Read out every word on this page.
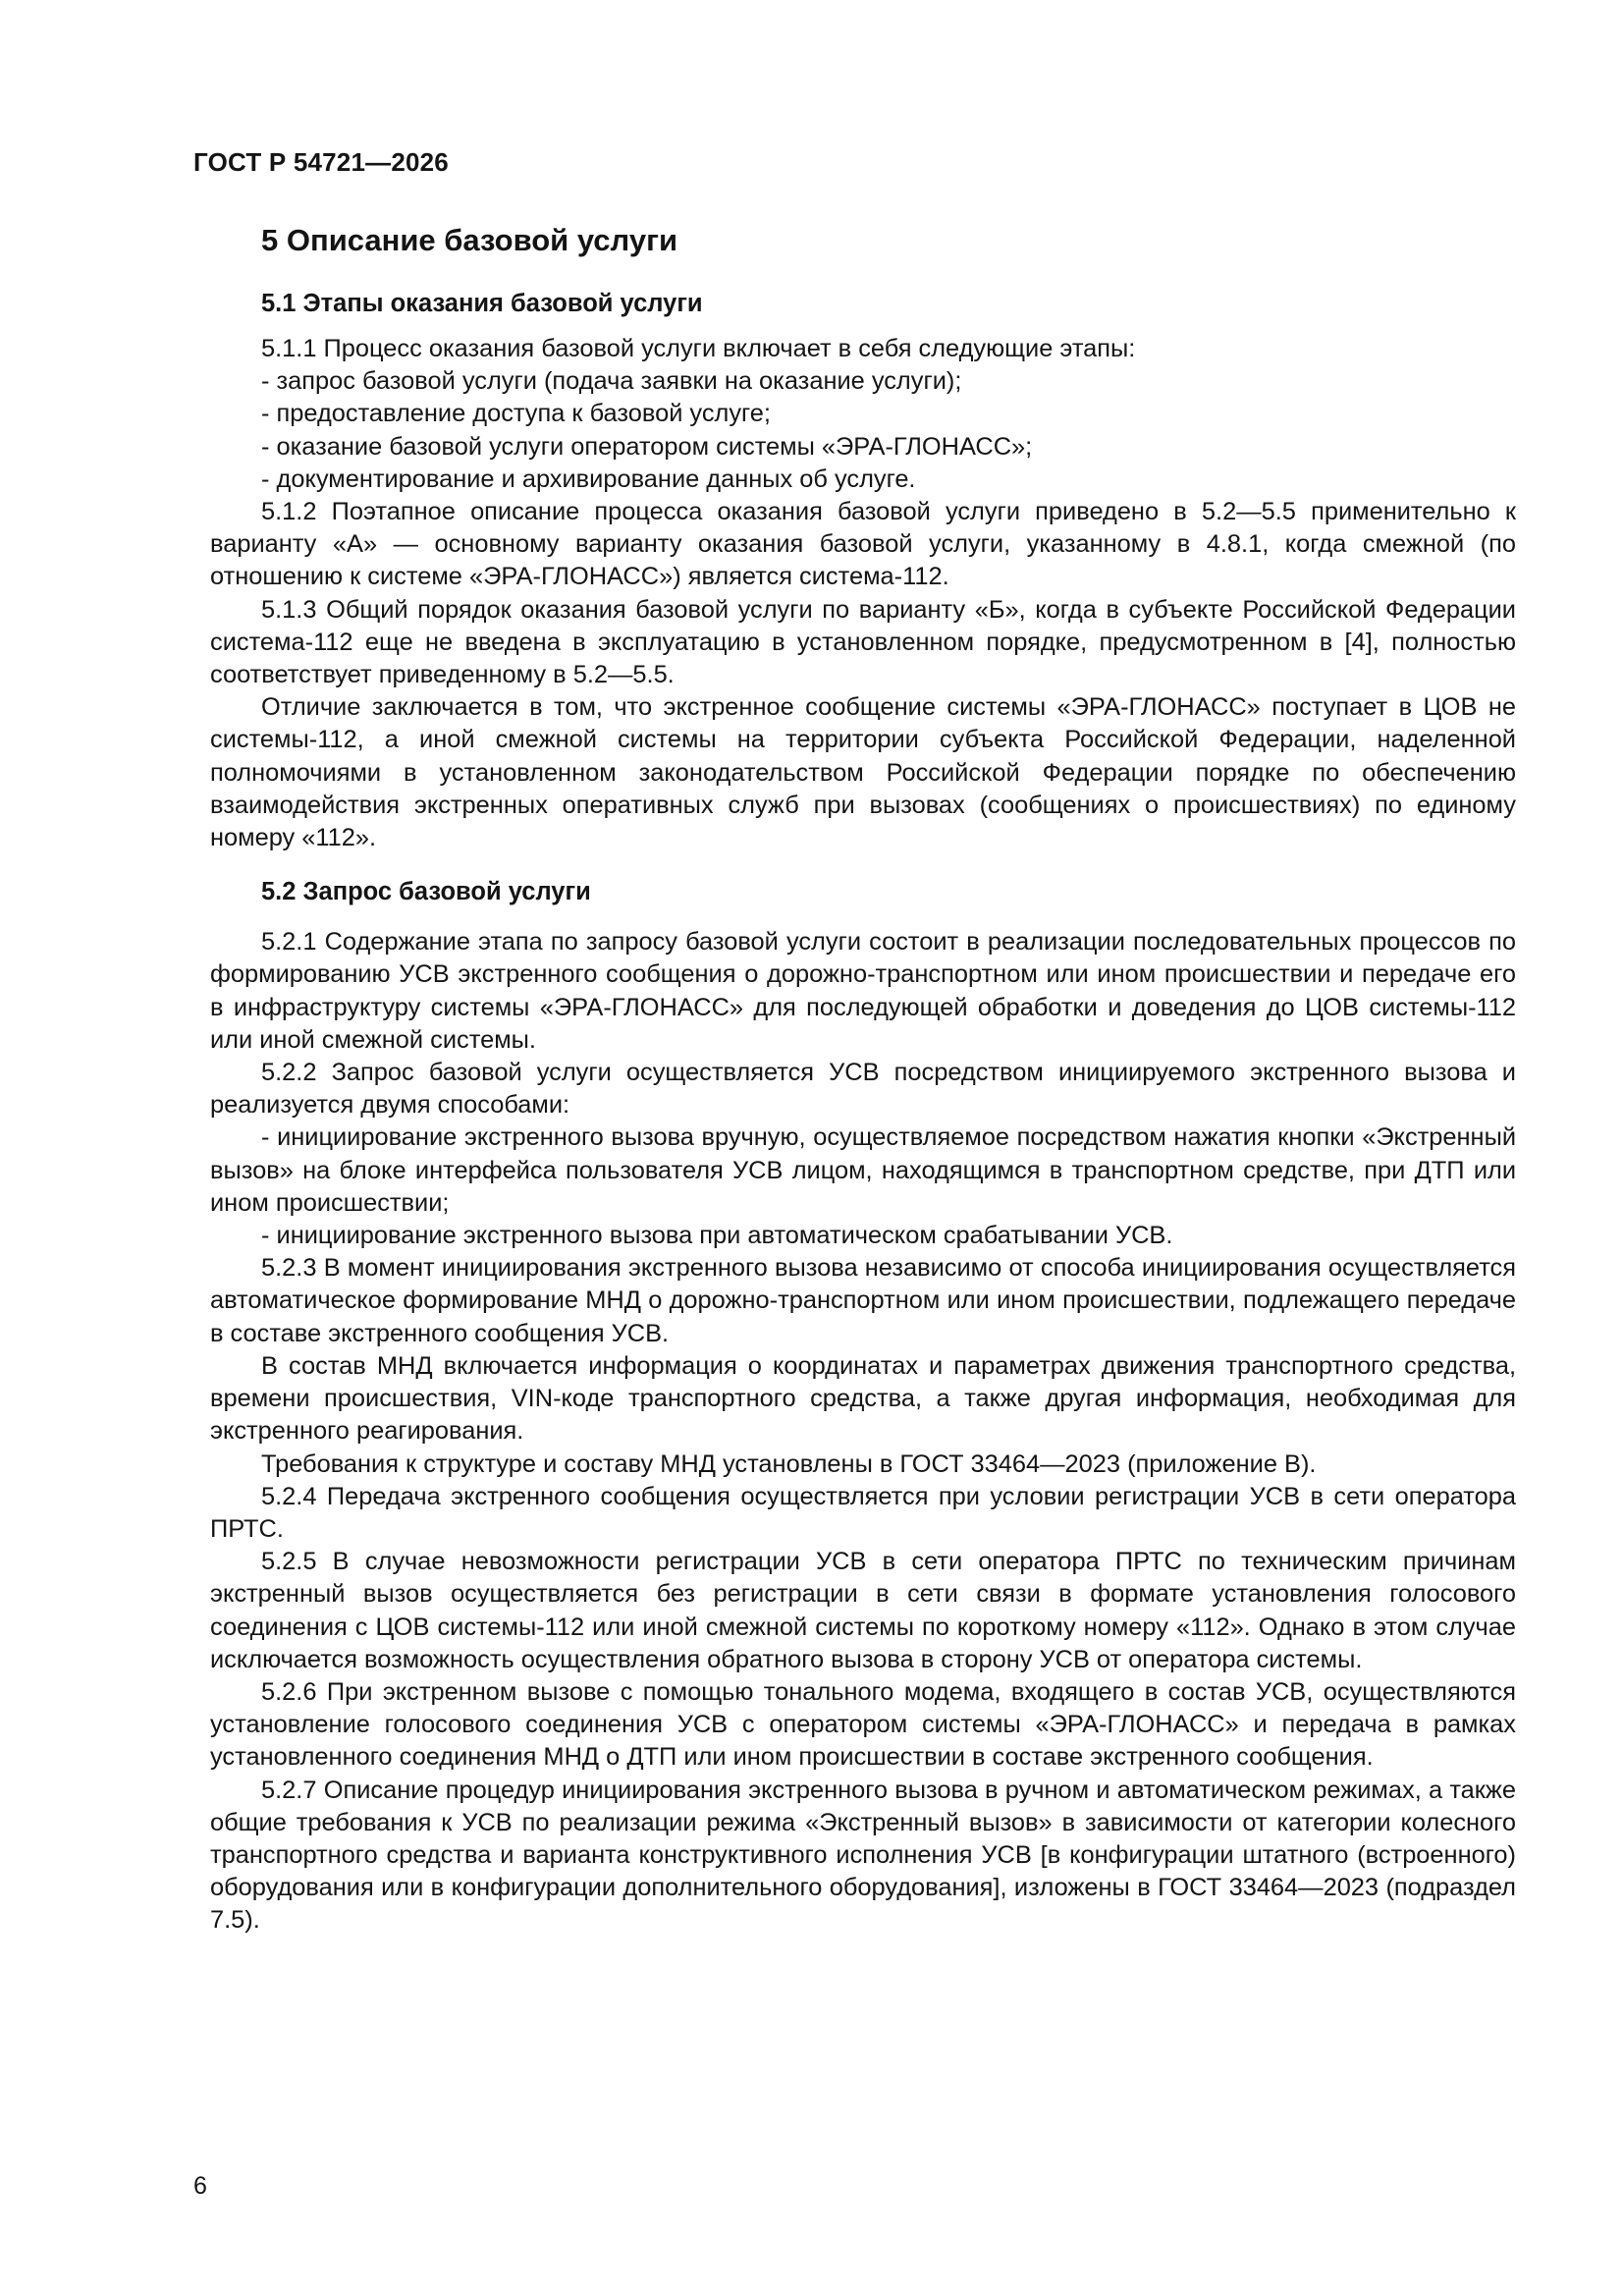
ГОСТ Р 54721—2026
5 Описание базовой услуги
5.1 Этапы оказания базовой услуги

5.1.1 Процесс оказания базовой услуги включает в себя следующие этапы:

- запрос базовой услуги (подача заявки на оказание услуги);

- предоставление доступа к базовой услуге;

- оказание базовой услуги оператором системы «ЭРА-ГЛОНАСС»;

- документирование и архивирование данных об услуге.

5.1.2 Поэтапное описание процесса оказания базовой услуги приведено в 5.2—5.5 применительно к варианту «А» — основному варианту оказания базовой услуги, указанному в 4.8.1, когда смежной (по отношению к системе «ЭРА-ГЛОНАСС») является система-112.

5.1.3 Общий порядок оказания базовой услуги по варианту «Б», когда в субъекте Российской Федерации система-112 еще не введена в эксплуатацию в установленном порядке, предусмотренном в [4], полностью соответствует приведенному в 5.2—5.5.

Отличие заключается в том, что экстренное сообщение системы «ЭРА-ГЛОНАСС» поступает в ЦОВ не системы-112, а иной смежной системы на территории субъекта Российской Федерации, наделенной полномочиями в установленном законодательством Российской Федерации порядке по обеспечению взаимодействия экстренных оперативных служб при вызовах (сообщениях о происшествиях) по единому номеру «112».

5.2 Запрос базовой услуги

5.2.1 Содержание этапа по запросу базовой услуги состоит в реализации последовательных процессов по формированию УСВ экстренного сообщения о дорожно-транспортном или ином происшествии и передаче его в инфраструктуру системы «ЭРА-ГЛОНАСС» для последующей обработки и доведения до ЦОВ системы-112 или иной смежной системы.

5.2.2 Запрос базовой услуги осуществляется УСВ посредством инициируемого экстренного вызова и реализуется двумя способами:

- инициирование экстренного вызова вручную, осуществляемое посредством нажатия кнопки «Экстренный вызов» на блоке интерфейса пользователя УСВ лицом, находящимся в транспортном средстве, при ДТП или ином происшествии;

- инициирование экстренного вызова при автоматическом срабатывании УСВ.

5.2.3 В момент инициирования экстренного вызова независимо от способа инициирования осуществляется автоматическое формирование МНД о дорожно-транспортном или ином происшествии, подлежащего передаче в составе экстренного сообщения УСВ.

В состав МНД включается информация о координатах и параметрах движения транспортного средства, времени происшествия, VIN-коде транспортного средства, а также другая информация, необходимая для экстренного реагирования.

Требования к структуре и составу МНД установлены в ГОСТ 33464—2023 (приложение В).

5.2.4 Передача экстренного сообщения осуществляется при условии регистрации УСВ в сети оператора ПРТС.

5.2.5 В случае невозможности регистрации УСВ в сети оператора ПРТС по техническим причинам экстренный вызов осуществляется без регистрации в сети связи в формате установления голосового соединения с ЦОВ системы-112 или иной смежной системы по короткому номеру «112». Однако в этом случае исключается возможность осуществления обратного вызова в сторону УСВ от оператора системы.

5.2.6 При экстренном вызове с помощью тонального модема, входящего в состав УСВ, осуществляются установление голосового соединения УСВ с оператором системы «ЭРА-ГЛОНАСС» и передача в рамках установленного соединения МНД о ДТП или ином происшествии в составе экстренного сообщения.

5.2.7 Описание процедур инициирования экстренного вызова в ручном и автоматическом режимах, а также общие требования к УСВ по реализации режима «Экстренный вызов» в зависимости от категории колесного транспортного средства и варианта конструктивного исполнения УСВ [в конфигурации штатного (встроенного) оборудования или в конфигурации дополнительного оборудования], изложены в ГОСТ 33464—2023 (подраздел 7.5).

6
